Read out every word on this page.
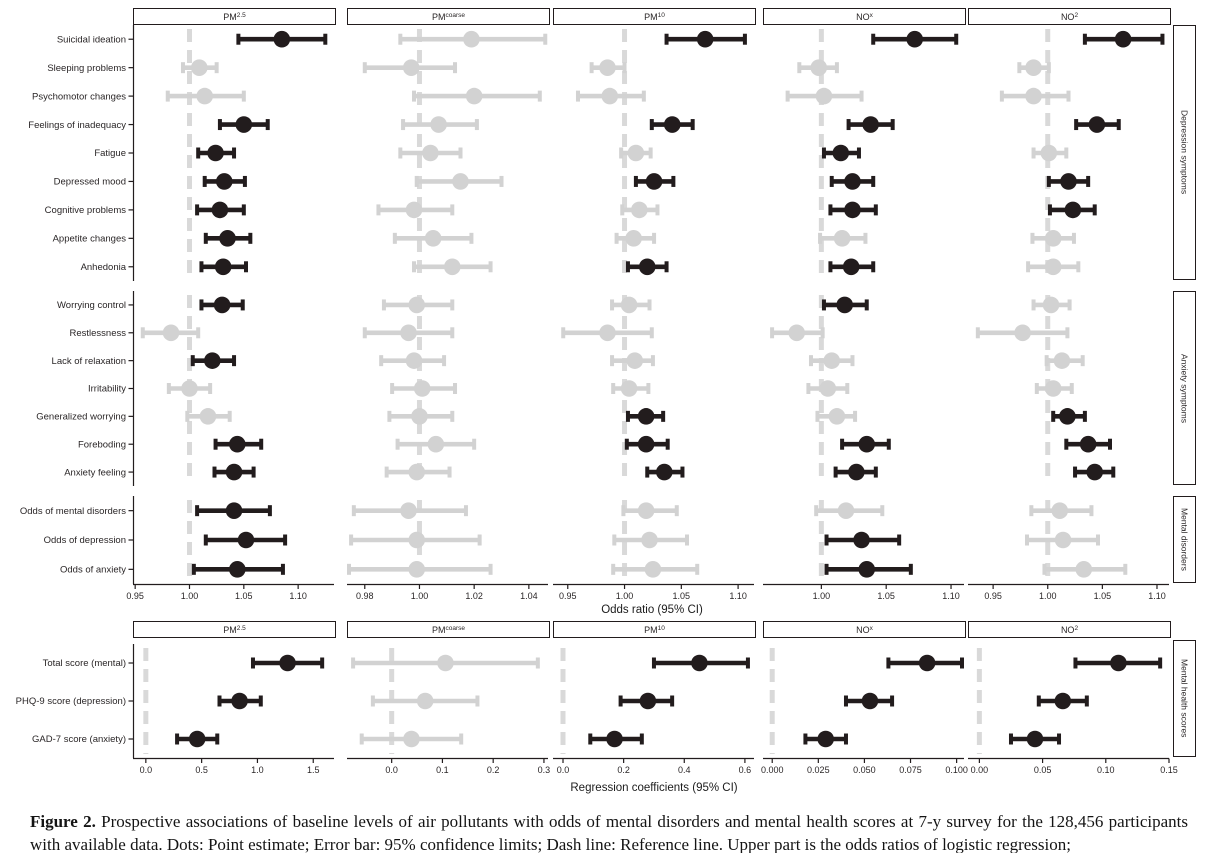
PM 2.5	PM coarse	PM 10	NO x	NO 2
PM 2.5	PM coarse	PM 10	NO x	NO 2
Depression symptoms
Anxiety symptoms
Mental disorders
Mental health scores
Suicidal ideation
Sleeping problems
Psychomotor changes
Feelings of inadequacy
Fatigue
Depressed mood
Cognitive problems
Appetite changes
Anhedonia
Worrying control
Restlessness
Lack of relaxation
Irritability
Generalized worrying
Foreboding
Anxiety feeling
Odds of mental disorders
Odds of depression
Odds of anxiety
0.95	1.00	1.05	1.10	0.98	1.00	1.02	1.04 0.95	1.00	1.05	1.10	1.00	1.05	1.10	0.95	1.00	1.05	1.10
Odds ratio (95% CI)
Total score (mental)
PHQ-9 score (depression)
GAD-7 score (anxiety)
0.0	0.5	1.0	1.5	0.0	0.1	0.2	0.3 0.0	0.2	0.4	0.6 0.000	0.025	0.050	0.075	0.100 0.00	0.05	0.10	0.15
Regression coefficients (95% CI)
Figure 2. Prospective associations of baseline levels of air pollutants with odds of mental disorders and mental health scores at 7-y survey for the 128,456 participants with available data. Dots: Point estimate; Error bar: 95% confidence limits; Dash line: Reference line. Upper part is the odds ratios of logistic regression;
